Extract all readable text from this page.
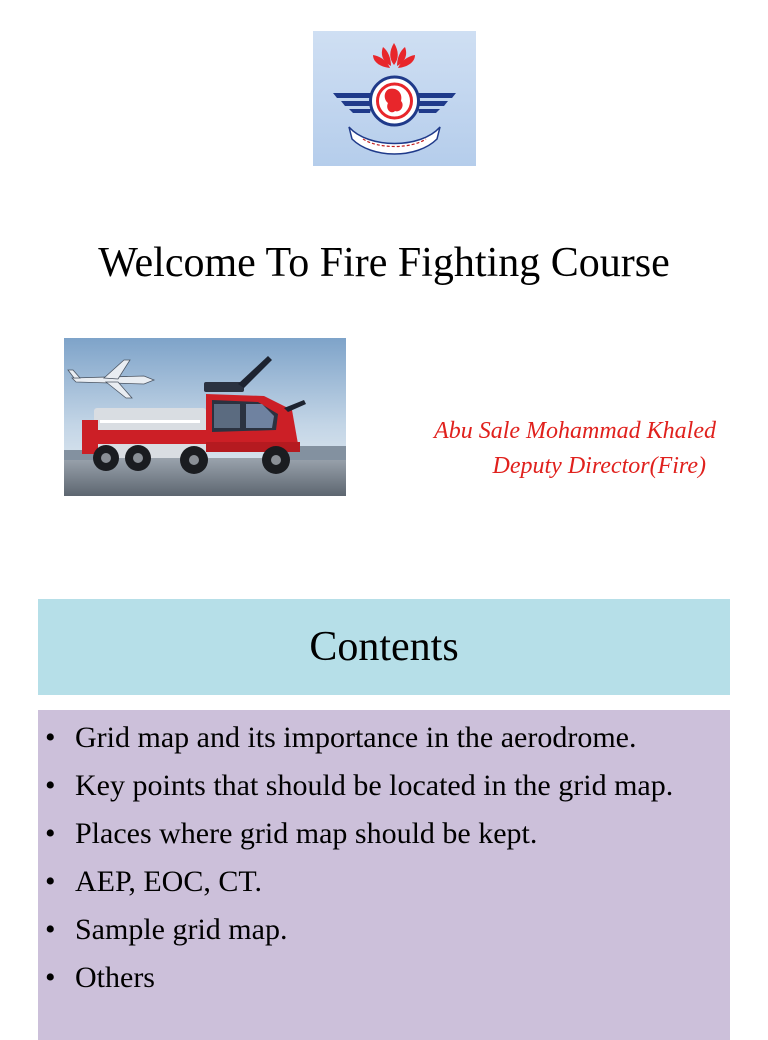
Welcome To Fire Fighting Course
Abu Sale Mohammad Khaled
Deputy Director(Fire)
Contents
• Grid map and its importance in the aerodrome.
• Key points that should be located in the grid map.
• Places where grid map should be kept.
• AEP, EOC, CT.
• Sample grid map.
• Others
